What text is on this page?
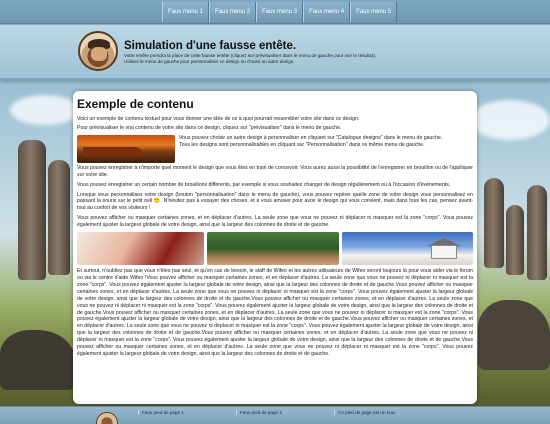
Faux menu 1	Faux menu 2	Faux menu 3	Faux menu 4	Faux menu 5
Simulation d'une fausse entête.
Votre entête prendra la place de cette fausse entête (cliquez sur prévisualiser dans le menu de gauche pour voir le résultat).
Utilisez le menu de gauche pour personnaliser ce design ou choisir un autre design.
Exemple de contenu

Voici un exemple de contenu textuel pour vous donner une idée de ce à quoi pourrait ressembler votre site dans ce design.

Pour prévisualiser le vrai contenu de votre site dans ce design, cliquez sur "prévisualiser" dans le menu de gauche.

Vous pouvez choisir un autre design à personnaliser en cliquant sur "Catalogue designs" dans le menu de gauche.

Tous les designs sont personnalisables en cliquant sur "Personnalisation" dans ce même menu de gauche.

Vous pouvez enregistrer à n'importe quel moment le design que vous êtes en train de concevoir. Vous aurez aussi la possibilité de l'enregistrer en brouillon ou de l'appliquer sur votre site.

Vous pouvez enregistrer un certain nombre de brouillons différents, par exemple si vous souhaitez changer de design régulièrement ou à l'occasion d'évènements.

Lorsque vous personnalisez votre design (bouton "personnalisation" dans le menu de gauche), vous pouvez repérer quelle zone de votre design vous personnalisez en passant la souris sur le petit oeil 🙂. N'hésitez pas à essayer des choses, et à vous amuser pour avoir le design qui vous convient, mais dans tous les cas, pensez avant-tout au confort de vos visiteurs !

Vous pouvez afficher ou masquer certaines zones, et en déplacer d'autres. La seule zone que vous ne pouvez ni déplacer ni masquer est la zone "corps". Vous pouvez également ajuster la largeur globale de votre design, ainsi que la largeur des colonnes de droite et de gauche.

Et surtout, n'oubliez pas que vous n'êtes pas seul, et qu'en cas de besoin, le staff de Wifeo et les autres utilisateurs de Wifeo seront toujours là pour vous aider via le forum ou via le centre d'aide Wifeo !Vous pouvez afficher ou masquer certaines zones, et en déplacer d'autres. La seule zone que vous ne pouvez ni déplacer ni masquer est la zone "corps". Vous pouvez également ajuster la largeur globale de votre design, ainsi que la largeur des colonnes de droite et de gauche.Vous pouvez afficher ou masquer certaines zones, et en déplacer d'autres. La seule zone que vous ne pouvez ni déplacer ni masquer est la zone "corps". Vous pouvez également ajuster la largeur globale de votre design, ainsi que la largeur des colonnes de droite et de gauche.Vous pouvez afficher ou masquer certaines zones, et en déplacer d'autres. La seule zone que vous ne pouvez ni déplacer ni masquer est la zone "corps". Vous pouvez également ajuster la largeur globale de votre design, ainsi que la largeur des colonnes de droite et de gauche.Vous pouvez afficher ou masquer certaines zones, et en déplacer d'autres. La seule zone que vous ne pouvez ni déplacer ni masquer est la zone "corps". Vous pouvez également ajuster la largeur globale de votre design, ainsi que la largeur des colonnes de droite et de gauche.Vous pouvez afficher ou masquer certaines zones, et en déplacer d'autres. La seule zone que vous ne pouvez ni déplacer ni masquer est la zone "corps". Vous pouvez également ajuster la largeur globale de votre design, ainsi que la largeur des colonnes de droite et de gauche.Vous pouvez afficher ou masquer certaines zones, et en déplacer d'autres. La seule zone que vous ne pouvez ni déplacer ni masquer est la zone "corps". Vous pouvez également ajuster la largeur globale de votre design, ainsi que la largeur des colonnes de droite et de gauche.Vous pouvez afficher ou masquer certaines zones, et en déplacer d'autres. La seule zone que vous ne pouvez ni déplacer ni masquer est la zone "corps". Vous pouvez également ajuster la largeur globale de votre design, ainsi que la largeur des colonnes de droite et de gauche.

Faux pied de page 1	Faux pied de page 2	Ce pied de page est un faux
